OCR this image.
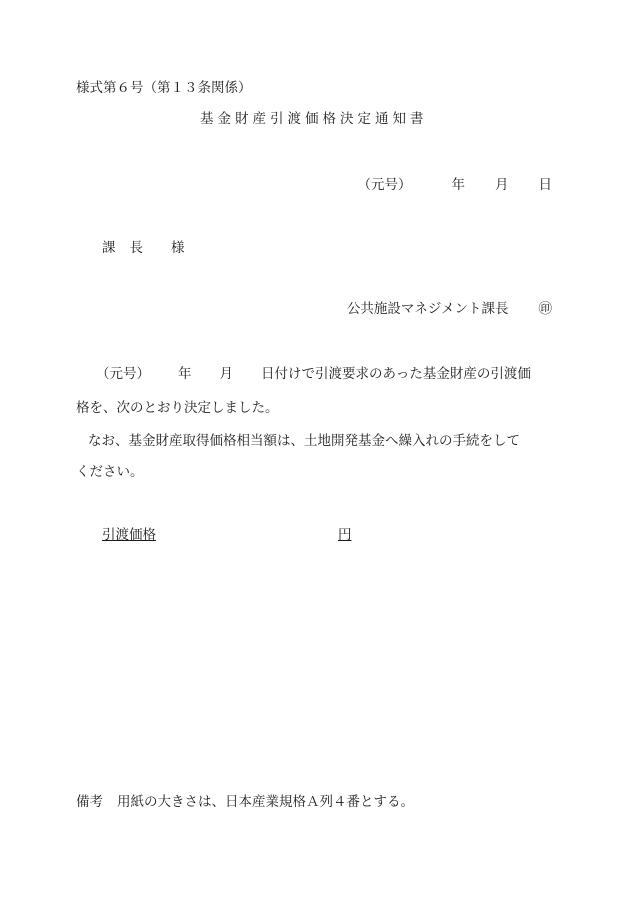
様式第６号（第１３条関係）
基金財産引渡価格決定通知書
（元号）	年 月 日
課 長 様
公共施設マネジメント課長 ㊞
（元号） 年 月 日付けで引渡要求のあった基金財産の引渡価
格を、次のとおり決定しました。
なお、基金財産取得価格相当額は、土地開発基金へ繰入れの手続をして
ください。
引渡価格	円
備考 用紙の大きさは、日本産業規格Ａ列４番とする。
